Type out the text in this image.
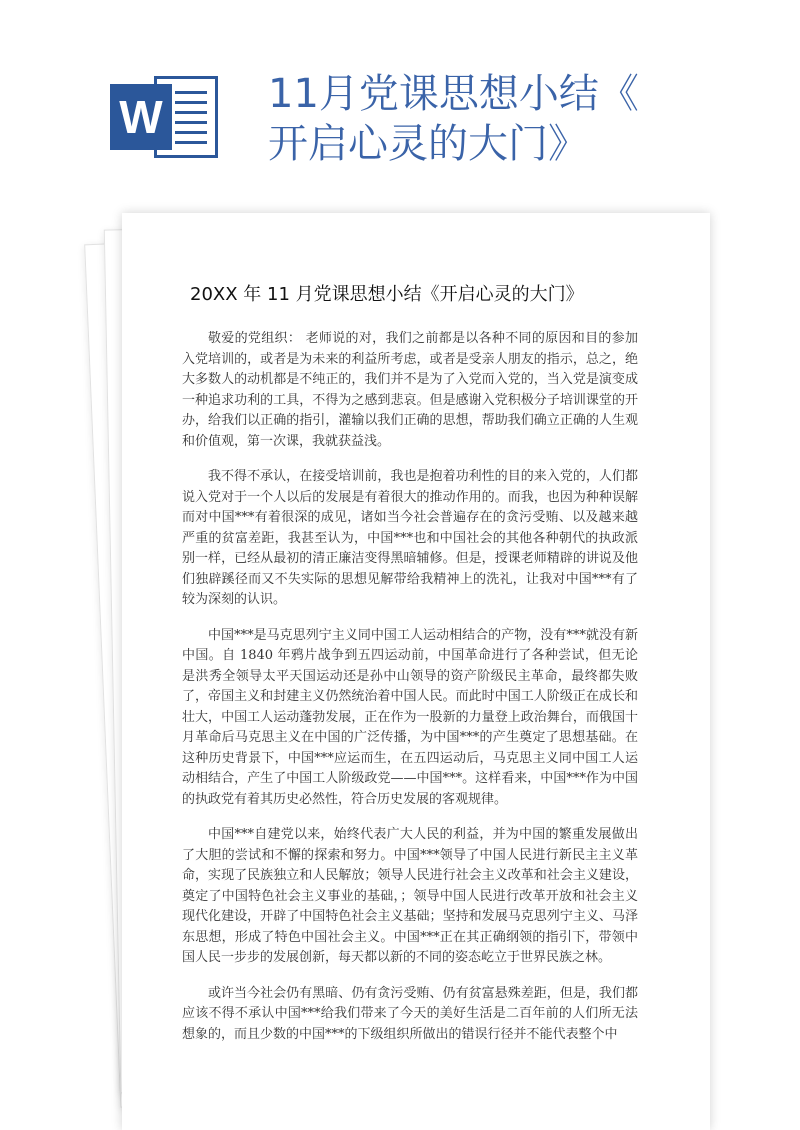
W	11月党课思想小结《
开启心灵的大门》
20XX 年 11 月党课思想小结《开启心灵的大门》

敬爱的党组织： 老师说的对，我们之前都是以各种不同的原因和目的参加入党培训的，或者是为未来的利益所考虑，或者是受亲人朋友的指示，总之，绝大多数人的动机都是不纯正的，我们并不是为了入党而入党的，当入党是演变成一种追求功利的工具，不得为之感到悲哀。但是感谢入党积极分子培训课堂的开办，给我们以正确的指引，灌输以我们正确的思想，帮助我们确立正确的人生观和价值观，第一次课，我就获益浅。

我不得不承认，在接受培训前，我也是抱着功利性的目的来入党的，人们都说入党对于一个人以后的发展是有着很大的推动作用的。而我，也因为种种误解而对中国***有着很深的成见，诸如当今社会普遍存在的贪污受贿、以及越来越严重的贫富差距，我甚至认为，中国***也和中国社会的其他各种朝代的执政派别一样，已经从最初的清正廉洁变得黑暗辅修。但是，授课老师精辟的讲说及他们独辟蹊径而又不失实际的思想见解带给我精神上的洗礼，让我对中国***有了较为深刻的认识。

中国***是马克思列宁主义同中国工人运动相结合的产物，没有***就没有新中国。自 1840 年鸦片战争到五四运动前，中国革命进行了各种尝试，但无论是洪秀全领导太平天国运动还是孙中山领导的资产阶级民主革命，最终都失败了，帝国主义和封建主义仍然统治着中国人民。而此时中国工人阶级正在成长和壮大，中国工人运动蓬勃发展，正在作为一股新的力量登上政治舞台，而俄国十月革命后马克思主义在中国的广泛传播，为中国***的产生奠定了思想基础。在这种历史背景下，中国***应运而生，在五四运动后，马克思主义同中国工人运动相结合，产生了中国工人阶级政党——中国***。这样看来，中国***作为中国的执政党有着其历史必然性，符合历史发展的客观规律。

中国***自建党以来，始终代表广大人民的利益，并为中国的繁重发展做出了大胆的尝试和不懈的探索和努力。中国***领导了中国人民进行新民主主义革命，实现了民族独立和人民解放；领导人民进行社会主义改革和社会主义建设，奠定了中国特色社会主义事业的基础，；领导中国人民进行改革开放和社会主义现代化建设，开辟了中国特色社会主义基础；坚持和发展马克思列宁主义、马泽东思想，形成了特色中国社会主义。中国***正在其正确纲领的指引下，带领中国人民一步步的发展创新，每天都以新的不同的姿态屹立于世界民族之林。

或许当今社会仍有黑暗、仍有贪污受贿、仍有贫富悬殊差距，但是，我们都应该不得不承认中国***给我们带来了今天的美好生活是二百年前的人们所无法想象的，而且少数的中国***的下级组织所做出的错误行径并不能代表整个中
